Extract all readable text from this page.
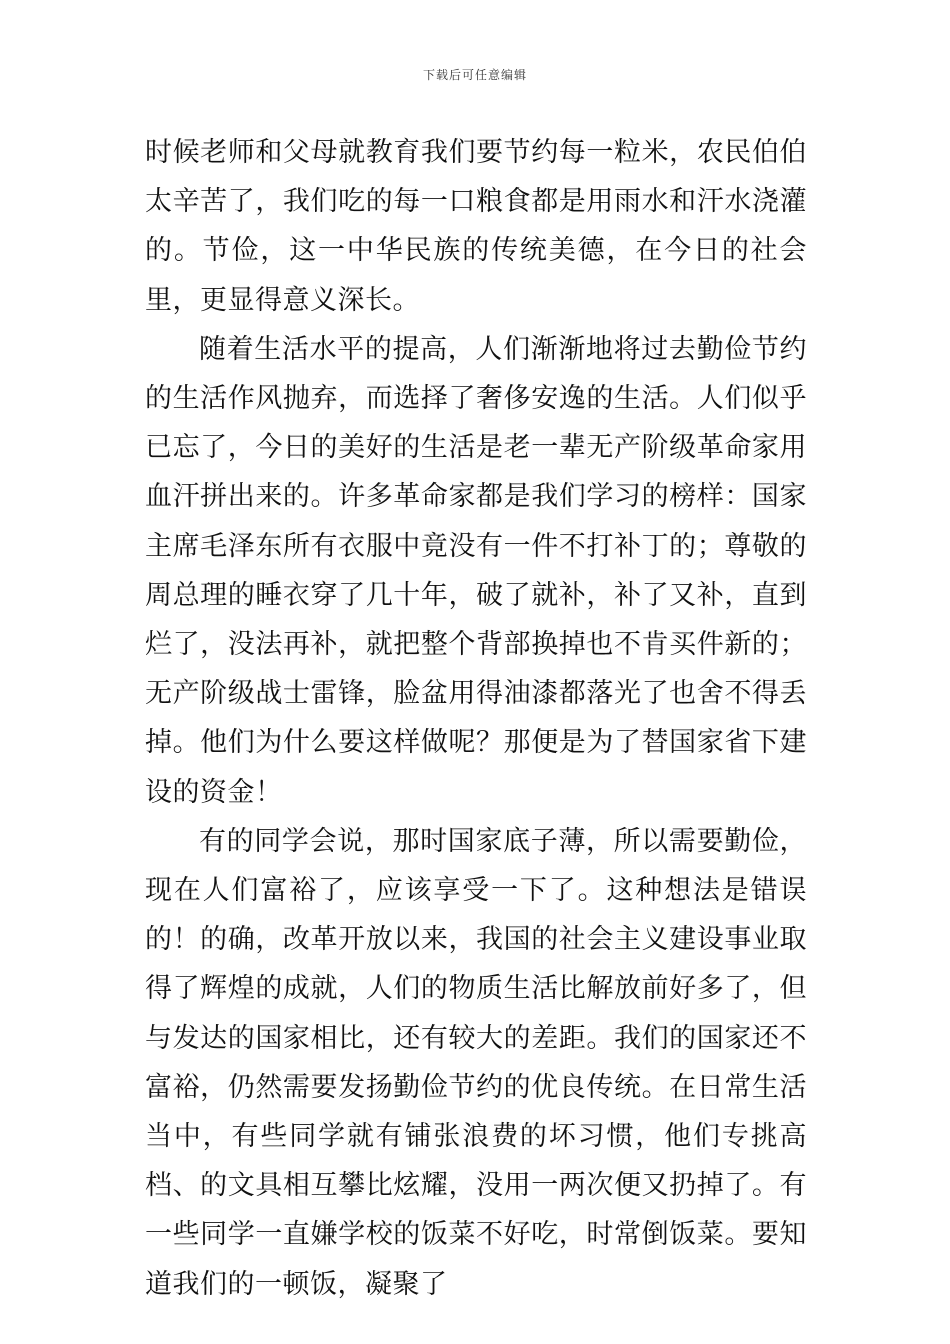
下载后可任意编辑

时候老师和父母就教育我们要节约每一粒米，农民伯伯太辛苦了，我们吃的每一口粮食都是用雨水和汗水浇灌的。节俭，这一中华民族的传统美德，在今日的社会里，更显得意义深长。

随着生活水平的提高，人们渐渐地将过去勤俭节约的生活作风抛弃，而选择了奢侈安逸的生活。人们似乎已忘了，今日的美好的生活是老一辈无产阶级革命家用血汗拼出来的。许多革命家都是我们学习的榜样：国家主席毛泽东所有衣服中竟没有一件不打补丁的；尊敬的周总理的睡衣穿了几十年，破了就补，补了又补，直到烂了，没法再补，就把整个背部换掉也不肯买件新的；无产阶级战士雷锋，脸盆用得油漆都落光了也舍不得丢掉。他们为什么要这样做呢？那便是为了替国家省下建设的资金！

有的同学会说，那时国家底子薄，所以需要勤俭，现在人们富裕了，应该享受一下了。这种想法是错误的！的确，改革开放以来，我国的社会主义建设事业取得了辉煌的成就，人们的物质生活比解放前好多了，但与发达的国家相比，还有较大的差距。我们的国家还不富裕，仍然需要发扬勤俭节约的优良传统。在日常生活当中，有些同学就有铺张浪费的坏习惯，他们专挑高档、的文具相互攀比炫耀，没用一两次便又扔掉了。有一些同学一直嫌学校的饭菜不好吃，时常倒饭菜。要知道我们的一顿饭，凝聚了
